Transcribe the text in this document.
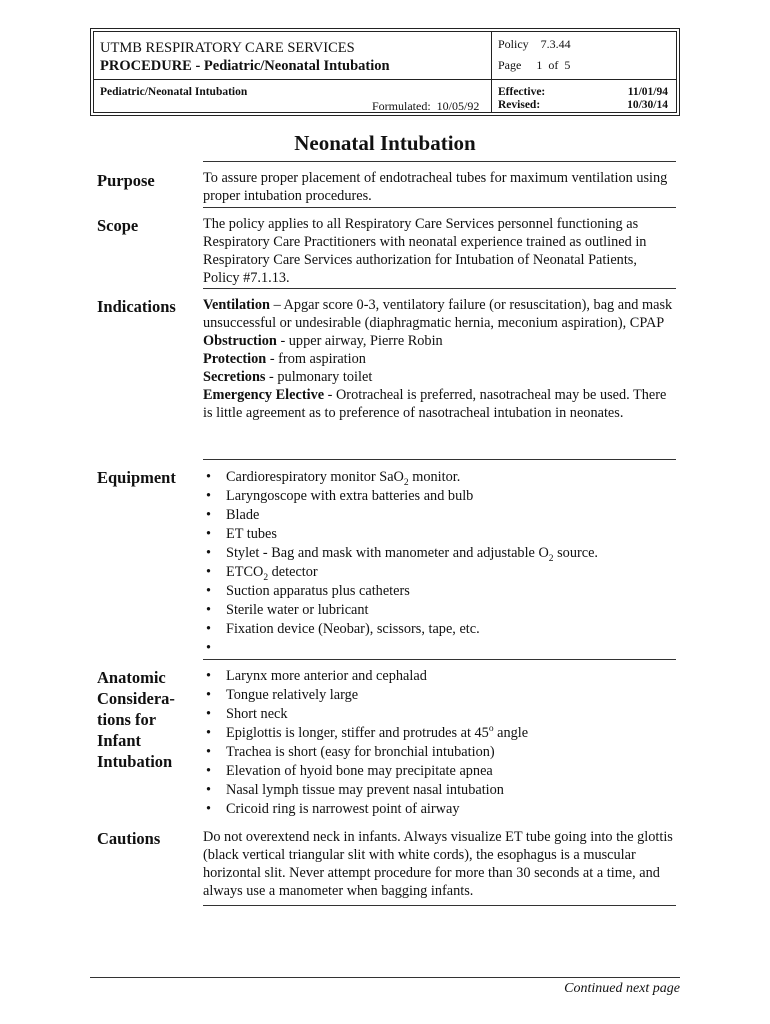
UTMB RESPIRATORY CARE SERVICES
PROCEDURE - Pediatric/Neonatal Intubation
Policy 7.3.44
Page 1 of 5
Pediatric/Neonatal Intubation
Formulated: 10/05/92
Effective:
Revised:
11/01/94
10/30/14
Neonatal Intubation
Purpose	To assure proper placement of endotracheal tubes for maximum ventilation using proper intubation procedures.

Scope	The policy applies to all Respiratory Care Services personnel functioning as Respiratory Care Practitioners with neonatal experience trained as outlined in Respiratory Care Services authorization for Intubation of Neonatal Patients, Policy #7.1.13.

Indications	Ventilation – Apgar score 0-3, ventilatory failure (or resuscitation), bag and mask unsuccessful or undesirable (diaphragmatic hernia, meconium aspiration), CPAP

Obstruction - upper airway, Pierre Robin

Protection - from aspiration

Secretions - pulmonary toilet

Emergency Elective - Orotracheal is preferred, nasotracheal may be used. There is little agreement as to preference of nasotracheal intubation in neonates.

Equipment
•	Cardiorespiratory monitor SaO$_2$ monitor.
• Laryngoscope with extra batteries and bulb
• Blade
• ET tubes
• Stylet - Bag and mask with manometer and adjustable $O_2$ source.
• $ETCO_2$ detector
• Suction apparatus plus catheters
• Sterile water or lubricant
• Fixation device (Neobar), scissors, tape, etc.
•
Anatomic
Considera-
tions for
Infant
Intubation
• Larynx more anterior and cephalad
• Tongue relatively large
• Short neck
• Epiglottis is longer, stiffer and protrudes at 45$^o$ angle
• Trachea is short (easy for bronchial intubation)
• Elevation of hyoid bone may precipitate apnea
• Nasal lymph tissue may prevent nasal intubation
• Cricoid ring is narrowest point of airway
Cautions	Do not overextend neck in infants. Always visualize ET tube going into the glottis (black vertical triangular slit with white cords), the esophagus is a muscular horizontal slit. Never attempt procedure for more than 30 seconds at a time, and always use a manometer when bagging infants.

Continued next page
